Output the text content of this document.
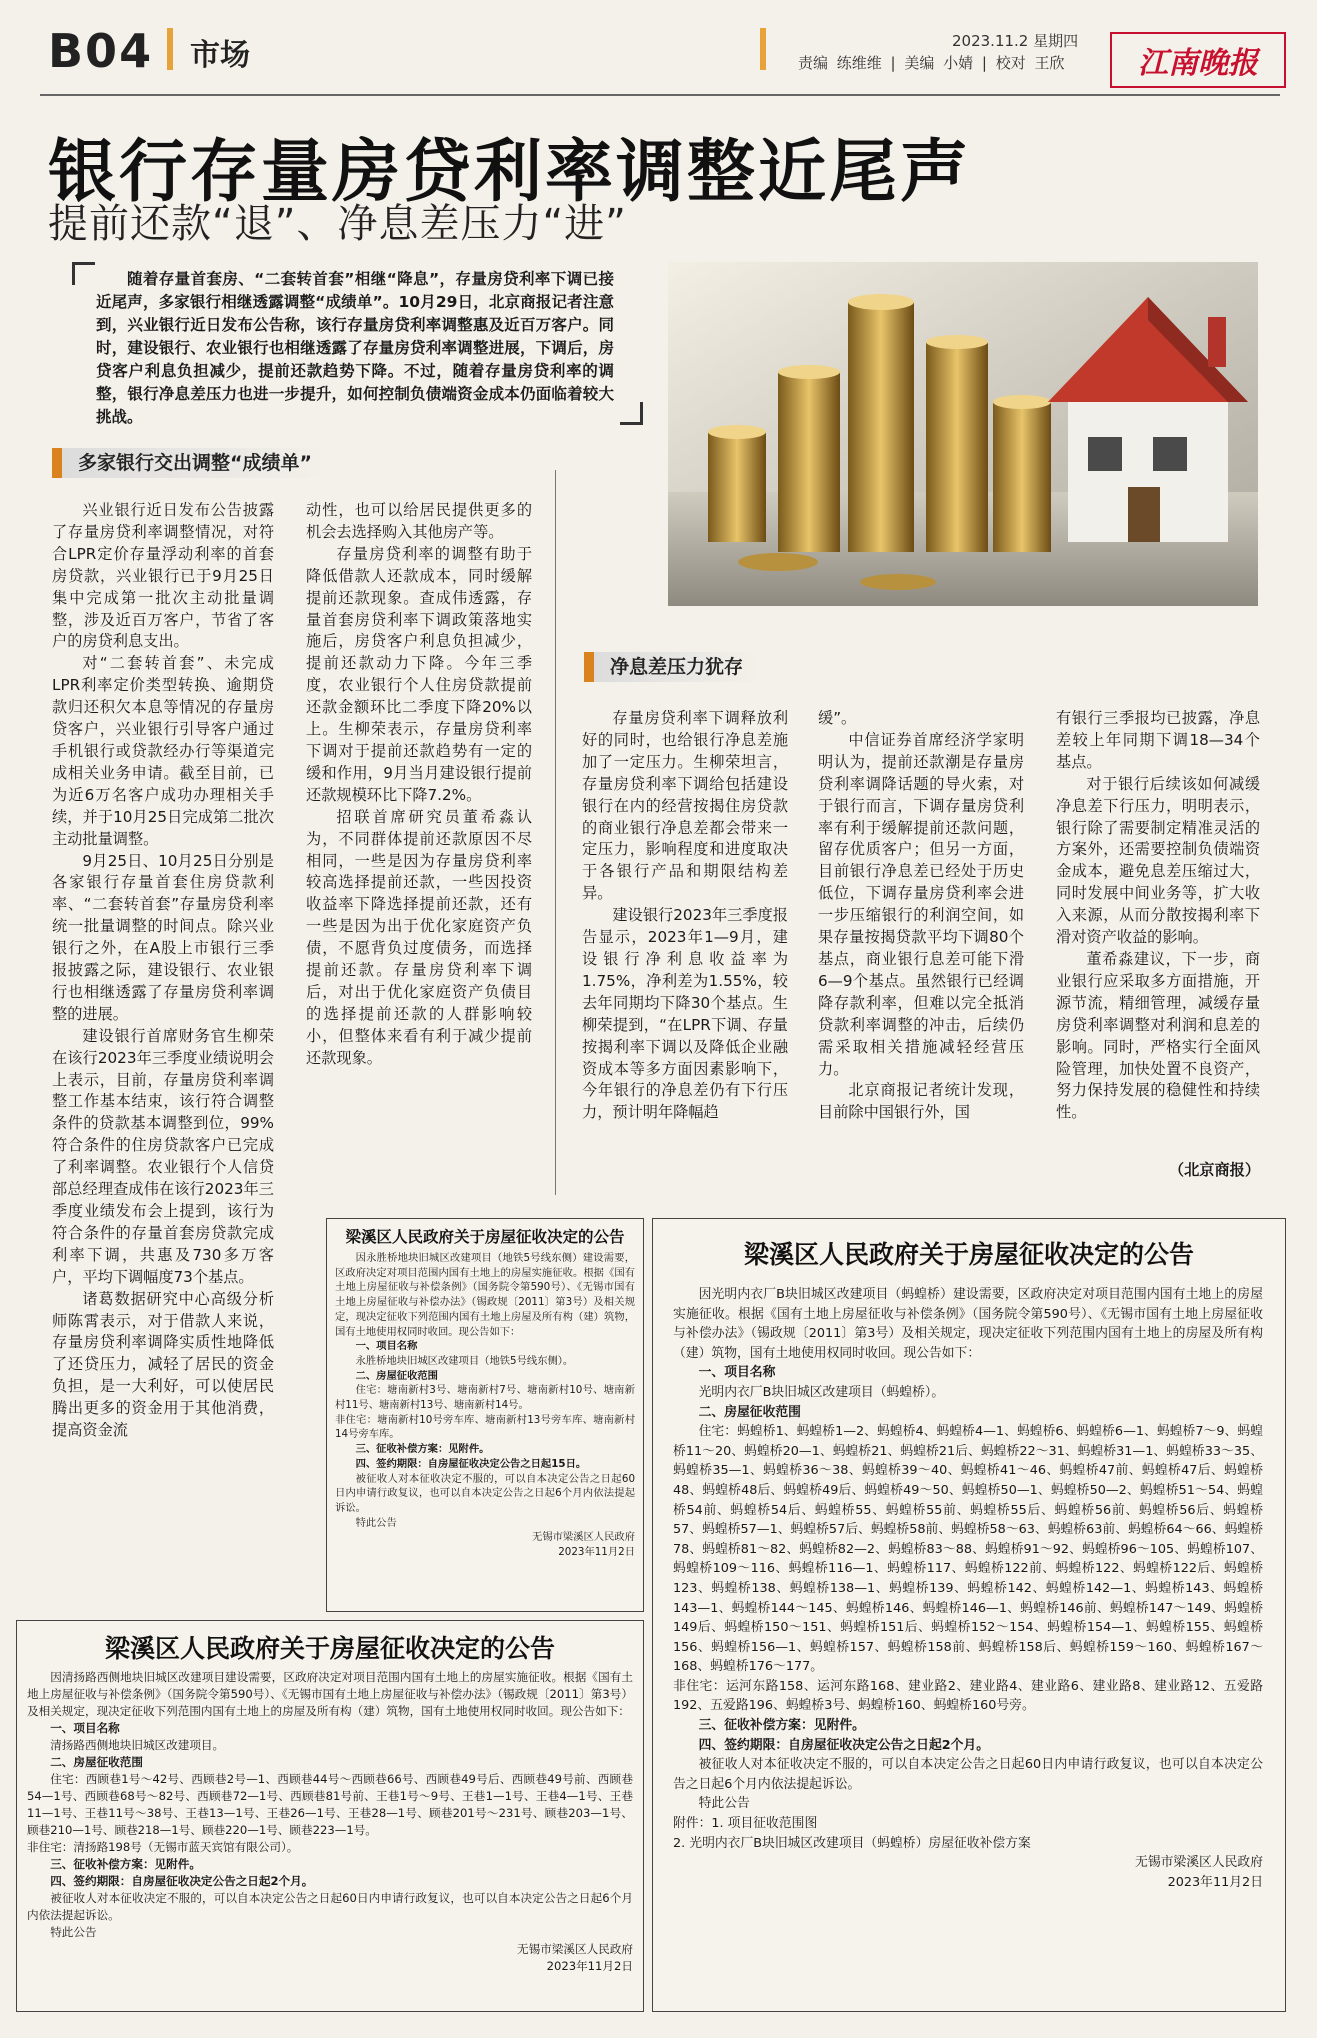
B04 市场	2023.11.2 星期四
责编 练维维 | 美编 小婧 | 校对 王欣	江南晚报
银行存量房贷利率调整近尾声
提前还款“退”、净息差压力“进”
随着存量首套房、“二套转首套”相继“降息”，存量房贷利率下调已接近尾声，多家银行相继透露调整“成绩单”。10月29日，北京商报记者注意到，兴业银行近日发布公告称，该行存量房贷利率调整惠及近百万客户。同时，建设银行、农业银行也相继透露了存量房贷利率调整进展，下调后，房贷客户利息负担减少，提前还款趋势下降。不过，随着存量房贷利率的调整，银行净息差压力也进一步提升，如何控制负债端资金成本仍面临着较大挑战。
多家银行交出调整“成绩单”
净息差压力犹存

兴业银行近日发布公告披露了存量房贷利率调整情况，对符合LPR定价存量浮动利率的首套房贷款，兴业银行已于9月25日集中完成第一批次主动批量调整，涉及近百万客户，节省了客户的房贷利息支出。

对“二套转首套”、未完成LPR利率定价类型转换、逾期贷款归还积欠本息等情况的存量房贷客户，兴业银行引导客户通过手机银行或贷款经办行等渠道完成相关业务申请。截至目前，已为近6万名客户成功办理相关手续，并于10月25日完成第二批次主动批量调整。

9月25日、10月25日分别是各家银行存量首套住房贷款利率、“二套转首套”存量房贷利率统一批量调整的时间点。除兴业银行之外，在A股上市银行三季报披露之际，建设银行、农业银行也相继透露了存量房贷利率调整的进展。

建设银行首席财务官生柳荣在该行2023年三季度业绩说明会上表示，目前，存量房贷利率调整工作基本结束，该行符合调整条件的贷款基本调整到位，99%符合条件的住房贷款客户已完成了利率调整。农业银行个人信贷部总经理查成伟在该行2023年三季度业绩发布会上提到，该行为符合条件的存量首套房贷款完成利率下调，共惠及730多万客户，平均下调幅度73个基点。

诸葛数据研究中心高级分析师陈霄表示，对于借款人来说，存量房贷利率调降实质性地降低了还贷压力，减轻了居民的资金负担，是一大利好，可以使居民腾出更多的资金用于其他消费，提高资金流

动性，也可以给居民提供更多的机会去选择购入其他房产等。

存量房贷利率的调整有助于降低借款人还款成本，同时缓解提前还款现象。查成伟透露，存量首套房贷利率下调政策落地实施后，房贷客户利息负担减少，提前还款动力下降。今年三季度，农业银行个人住房贷款提前还款金额环比二季度下降20%以上。生柳荣表示，存量房贷利率下调对于提前还款趋势有一定的缓和作用，9月当月建设银行提前还款规模环比下降7.2%。

招联首席研究员董希淼认为，不同群体提前还款原因不尽相同，一些是因为存量房贷利率较高选择提前还款，一些因投资收益率下降选择提前还款，还有一些是因为出于优化家庭资产负债，不愿背负过度债务，而选择提前还款。存量房贷利率下调后，对出于优化家庭资产负债目的选择提前还款的人群影响较小，但整体来看有利于减少提前还款现象。

存量房贷利率下调释放利好的同时，也给银行净息差施加了一定压力。生柳荣坦言，存量房贷利率下调给包括建设银行在内的经营按揭住房贷款的商业银行净息差都会带来一定压力，影响程度和进度取决于各银行产品和期限结构差异。

建设银行2023年三季度报告显示，2023年1—9月，建设银行净利息收益率为1.75%，净利差为1.55%，较去年同期均下降30个基点。生柳荣提到，“在LPR下调、存量按揭利率下调以及降低企业融资成本等多方面因素影响下，今年银行的净息差仍有下行压力，预计明年降幅趋

缓”。

中信证券首席经济学家明明认为，提前还款潮是存量房贷利率调降话题的导火索，对于银行而言，下调存量房贷利率有利于缓解提前还款问题，留存优质客户；但另一方面，目前银行净息差已经处于历史低位，下调存量房贷利率会进一步压缩银行的利润空间，如果存量按揭贷款平均下调80个基点，商业银行息差可能下滑6—9个基点。虽然银行已经调降存款利率，但难以完全抵消贷款利率调整的冲击，后续仍需采取相关措施减轻经营压力。

北京商报记者统计发现，目前除中国银行外，国

有银行三季报均已披露，净息差较上年同期下调18—34个基点。

对于银行后续该如何减缓净息差下行压力，明明表示，银行除了需要制定精准灵活的方案外，还需要控制负债端资金成本，避免息差压缩过大，同时发展中间业务等，扩大收入来源，从而分散按揭利率下滑对资产收益的影响。

董希淼建议，下一步，商业银行应采取多方面措施，开源节流，精细管理，减缓存量房贷利率调整对利润和息差的影响。同时，严格实行全面风险管理，加快处置不良资产，努力保持发展的稳健性和持续性。

（北京商报）
梁溪区人民政府关于房屋征收决定的公告

因永胜桥地块旧城区改建项目（地铁5号线东侧）建设需要，区政府决定对项目范围内国有土地上的房屋实施征收。根据《国有土地上房屋征收与补偿条例》（国务院令第590号）、《无锡市国有土地上房屋征收与补偿办法》（锡政规〔2011〕第3号）及相关规定，现决定征收下列范围内国有土地上房屋及所有构（建）筑物，国有土地使用权同时收回。现公告如下：

一、项目名称

永胜桥地块旧城区改建项目（地铁5号线东侧）。

二、房屋征收范围

住宅：塘南新村3号、塘南新村7号、塘南新村10号、塘南新村11号、塘南新村13号、塘南新村14号。
非住宅：塘南新村10号旁车库、塘南新村13号旁车库、塘南新村14号旁车库。

三、征收补偿方案：见附件。

四、签约期限：自房屋征收决定公告之日起15日。

被征收人对本征收决定不服的，可以自本决定公告之日起60日内申请行政复议，也可以自本决定公告之日起6个月内依法提起诉讼。

特此公告

无锡市梁溪区人民政府

2023年11月2日

梁溪区人民政府关于房屋征收决定的公告

因光明内衣厂B块旧城区改建项目（蚂蝗桥）建设需要，区政府决定对项目范围内国有土地上的房屋实施征收。根据《国有土地上房屋征收与补偿条例》（国务院令第590号）、《无锡市国有土地上房屋征收与补偿办法》（锡政规〔2011〕第3号）及相关规定，现决定征收下列范围内国有土地上的房屋及所有构（建）筑物，国有土地使用权同时收回。现公告如下：

一、项目名称

光明内衣厂B块旧城区改建项目（蚂蝗桥）。

二、房屋征收范围

住宅：蚂蝗桥1、蚂蝗桥1—2、蚂蝗桥4、蚂蝗桥4—1、蚂蝗桥6、蚂蝗桥6—1、蚂蝗桥7～9、蚂蝗桥11～20、蚂蝗桥20—1、蚂蝗桥21、蚂蝗桥21后、蚂蝗桥22～31、蚂蝗桥31—1、蚂蝗桥33～35、蚂蝗桥35—1、蚂蝗桥36～38、蚂蝗桥39～40、蚂蝗桥41～46、蚂蝗桥47前、蚂蝗桥47后、蚂蝗桥48、蚂蝗桥48后、蚂蝗桥49后、蚂蝗桥49～50、蚂蝗桥50—1、蚂蝗桥50—2、蚂蝗桥51～54、蚂蝗桥54前、蚂蝗桥54后、蚂蝗桥55、蚂蝗桥55前、蚂蝗桥55后、蚂蝗桥56前、蚂蝗桥56后、蚂蝗桥57、蚂蝗桥57—1、蚂蝗桥57后、蚂蝗桥58前、蚂蝗桥58～63、蚂蝗桥63前、蚂蝗桥64～66、蚂蝗桥78、蚂蝗桥81～82、蚂蝗桥82—2、蚂蝗桥83～88、蚂蝗桥91～92、蚂蝗桥96～105、蚂蝗桥107、蚂蝗桥109～116、蚂蝗桥116—1、蚂蝗桥117、蚂蝗桥122前、蚂蝗桥122、蚂蝗桥122后、蚂蝗桥123、蚂蝗桥138、蚂蝗桥138—1、蚂蝗桥139、蚂蝗桥142、蚂蝗桥142—1、蚂蝗桥143、蚂蝗桥143—1、蚂蝗桥144～145、蚂蝗桥146、蚂蝗桥146—1、蚂蝗桥146前、蚂蝗桥147～149、蚂蝗桥149后、蚂蝗桥150～151、蚂蝗桥151后、蚂蝗桥152～154、蚂蝗桥154—1、蚂蝗桥155、蚂蝗桥156、蚂蝗桥156—1、蚂蝗桥157、蚂蝗桥158前、蚂蝗桥158后、蚂蝗桥159～160、蚂蝗桥167～168、蚂蝗桥176～177。
非住宅：运河东路158、运河东路168、建业路2、建业路4、建业路6、建业路8、建业路12、五爱路192、五爱路196、蚂蝗桥3号、蚂蝗桥160、蚂蝗桥160号旁。

三、征收补偿方案：见附件。

四、签约期限：自房屋征收决定公告之日起2个月。

被征收人对本征收决定不服的，可以自本决定公告之日起60日内申请行政复议，也可以自本决定公告之日起6个月内依法提起诉讼。

特此公告
附件：1. 项目征收范围图
2. 光明内衣厂B块旧城区改建项目（蚂蝗桥）房屋征收补偿方案

无锡市梁溪区人民政府

2023年11月2日

梁溪区人民政府关于房屋征收决定的公告

因清扬路西侧地块旧城区改建项目建设需要，区政府决定对项目范围内国有土地上的房屋实施征收。根据《国有土地上房屋征收与补偿条例》（国务院令第590号）、《无锡市国有土地上房屋征收与补偿办法》（锡政规〔2011〕第3号）及相关规定，现决定征收下列范围内国有土地上的房屋及所有构（建）筑物，国有土地使用权同时收回。现公告如下：

一、项目名称

清扬路西侧地块旧城区改建项目。

二、房屋征收范围

住宅：西顾巷1号～42号、西顾巷2号—1、西顾巷44号～西顾巷66号、西顾巷49号后、西顾巷49号前、西顾巷54—1号、西顾巷68号～82号、西顾巷72—1号、西顾巷81号前、王巷1号～9号、王巷1—1号、王巷4—1号、王巷11—1号、王巷11号～38号、王巷13—1号、王巷26—1号、王巷28—1号、顾巷201号～231号、顾巷203—1号、顾巷210—1号、顾巷218—1号、顾巷220—1号、顾巷223—1号。
非住宅：清扬路198号（无锡市蓝天宾馆有限公司）。

三、征收补偿方案：见附件。

四、签约期限：自房屋征收决定公告之日起2个月。

被征收人对本征收决定不服的，可以自本决定公告之日起60日内申请行政复议，也可以自本决定公告之日起6个月内依法提起诉讼。

特此公告

无锡市梁溪区人民政府

2023年11月2日
